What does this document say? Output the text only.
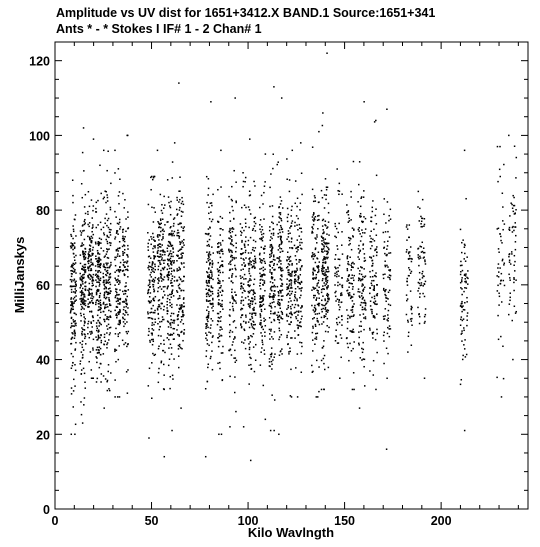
Amplitude vs UV dist for 1651+3412.X BAND.1 Source:1651+341
Ants * - * Stokes I IF# 1 - 2 Chan# 1
0	50	100	150	200
0
20
40
60
80
100
120
Kilo Wavlngth
MilliJanskys
